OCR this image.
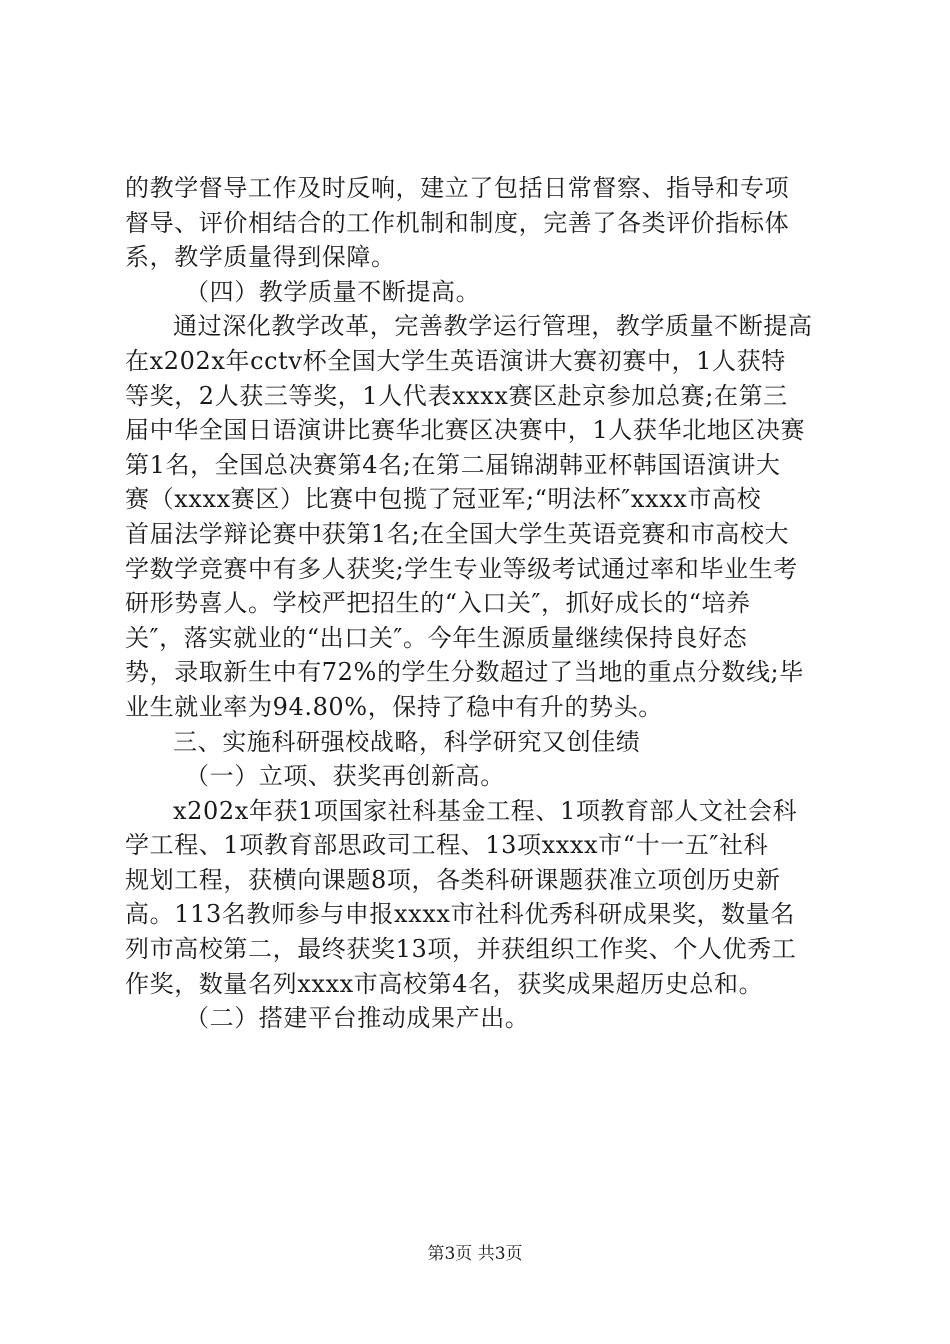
的教学督导工作及时反响，建立了包括日常督察、指导和专项
督导、评价相结合的工作机制和制度，完善了各类评价指标体
系，教学质量得到保障。
（四）教学质量不断提高。
通过深化教学改革，完善教学运行管理，教学质量不断提高
在x202x年cctv杯全国大学生英语演讲大赛初赛中，1人获特
等奖，2人获三等奖，1人代表xxxx赛区赴京参加总赛;在第三
届中华全国日语演讲比赛华北赛区决赛中，1人获华北地区决赛
第1名，全国总决赛第4名;在第二届锦湖韩亚杯韩国语演讲大
赛（xxxx赛区）比赛中包揽了冠亚军;“明法杯″xxxx市高校
首届法学辩论赛中获第1名;在全国大学生英语竞赛和市高校大
学数学竞赛中有多人获奖;学生专业等级考试通过率和毕业生考
研形势喜人。学校严把招生的“入口关″，抓好成长的“培养
关″，落实就业的“出口关″。今年生源质量继续保持良好态
势，录取新生中有72%的学生分数超过了当地的重点分数线;毕
业生就业率为94.80%，保持了稳中有升的势头。
三、实施科研强校战略，科学研究又创佳绩
（一）立项、获奖再创新高。
x202x年获1项国家社科基金工程、1项教育部人文社会科
学工程、1项教育部思政司工程、13项xxxx市“十一五″社科
规划工程，获横向课题8项，各类科研课题获准立项创历史新
高。113名教师参与申报xxxx市社科优秀科研成果奖，数量名
列市高校第二，最终获奖13项，并获组织工作奖、个人优秀工
作奖，数量名列xxxx市高校第4名，获奖成果超历史总和。
（二）搭建平台推动成果产出。
第3页 共3页
